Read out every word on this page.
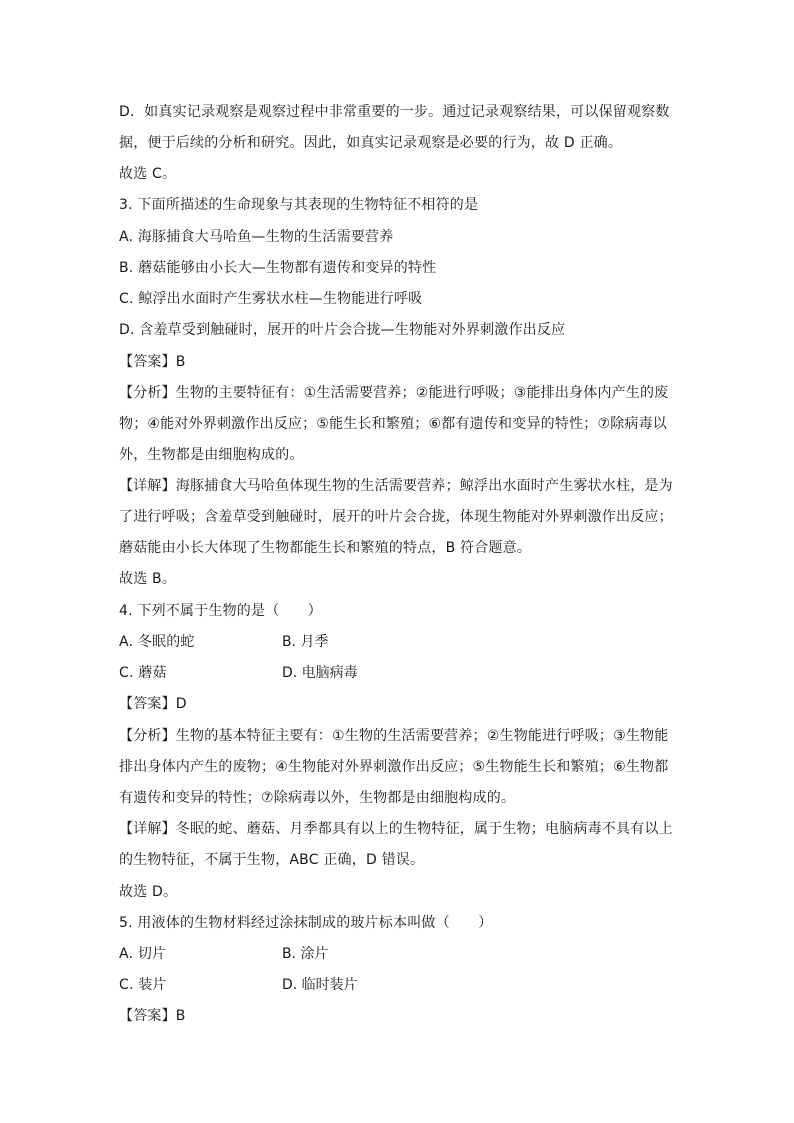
D．如真实记录观察是观察过程中非常重要的一步。通过记录观察结果，可以保留观察数
据，便于后续的分析和研究。因此，如真实记录观察是必要的行为，故 D 正确。
故选 C。
3. 下面所描述的生命现象与其表现的生物特征不相符的是
A. 海豚捕食大马哈鱼—生物的生活需要营养
B. 蘑菇能够由小长大—生物都有遗传和变异的特性
C. 鲸浮出水面时产生雾状水柱—生物能进行呼吸
D. 含羞草受到触碰时，展开的叶片会合拢—生物能对外界刺激作出反应
【答案】B
【分析】生物的主要特征有：①生活需要营养；②能进行呼吸；③能排出身体内产生的废
物；④能对外界刺激作出反应；⑤能生长和繁殖；⑥都有遗传和变异的特性；⑦除病毒以
外，生物都是由细胞构成的。
【详解】海豚捕食大马哈鱼体现生物的生活需要营养；鲸浮出水面时产生雾状水柱，是为
了进行呼吸；含羞草受到触碰时，展开的叶片会合拢，体现生物能对外界刺激作出反应；
蘑菇能由小长大体现了生物都能生长和繁殖的特点，B 符合题意。
故选 B。
4. 下列不属于生物的是（　　）
A. 冬眠的蛇	B. 月季
C. 蘑菇	D. 电脑病毒
【答案】D
【分析】生物的基本特征主要有：①生物的生活需要营养；②生物能进行呼吸；③生物能
排出身体内产生的废物；④生物能对外界刺激作出反应；⑤生物能生长和繁殖；⑥生物都
有遗传和变异的特性；⑦除病毒以外，生物都是由细胞构成的。
【详解】冬眠的蛇、蘑菇、月季都具有以上的生物特征，属于生物；电脑病毒不具有以上
的生物特征，不属于生物，ABC 正确，D 错误。
故选 D。
5. 用液体的生物材料经过涂抹制成的玻片标本叫做（　　）
A. 切片	B. 涂片
C. 装片	D. 临时装片
【答案】B
